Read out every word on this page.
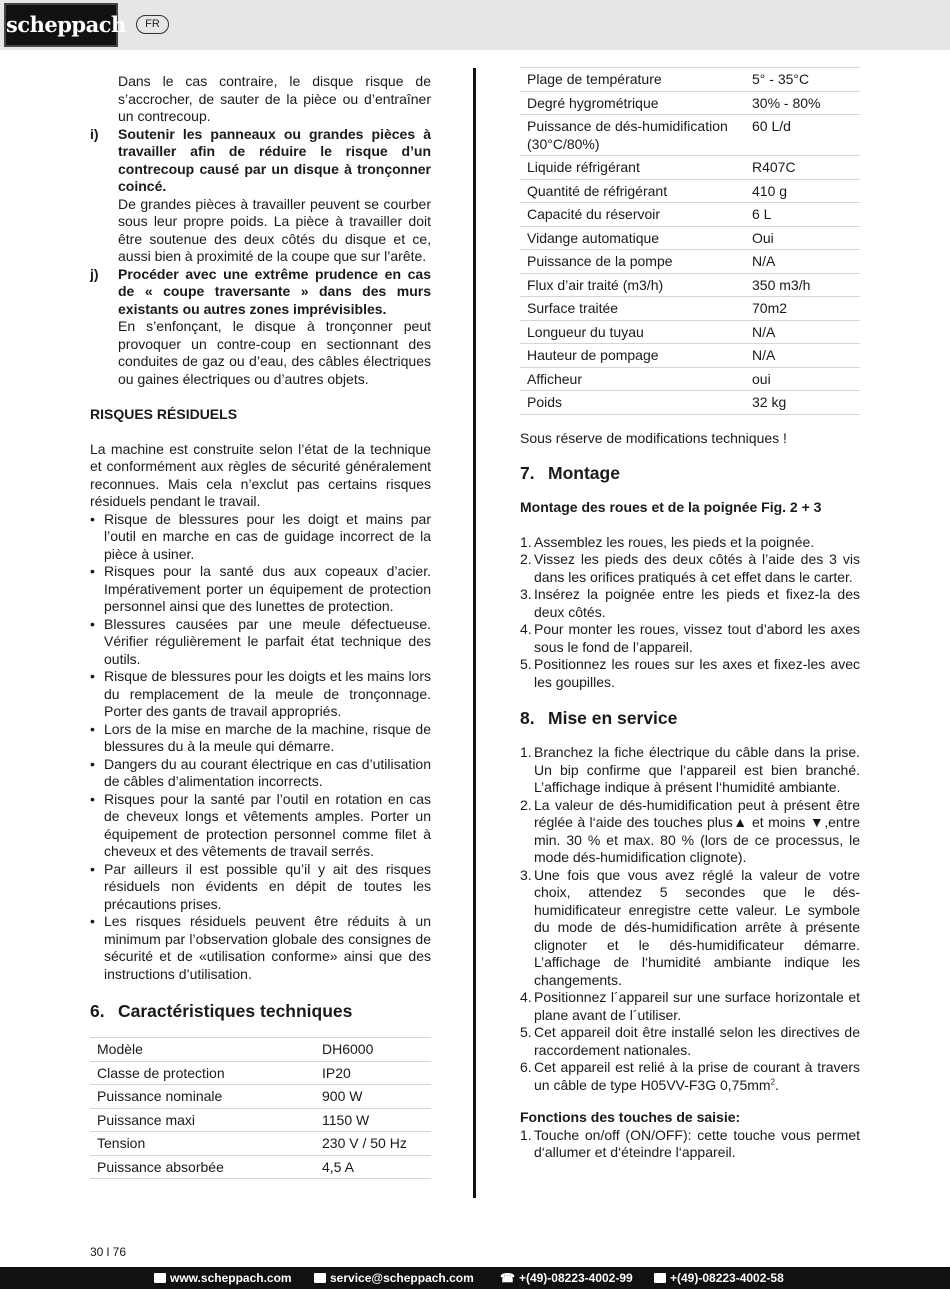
scheppach	FR
Dans le cas contraire, le disque risque de s’accrocher, de sauter de la pièce ou d’entraîner un contrecoup.
i)	Soutenir les panneaux ou grandes pièces à travailler afin de réduire le risque d’un contrecoup causé par un disque à tronçonner coincé.
De grandes pièces à travailler peuvent se courber sous leur propre poids. La pièce à travailler doit être soutenue des deux côtés du disque et ce, aussi bien à proximité de la coupe que sur l’arête.
j)	Procéder avec une extrême prudence en cas de « coupe traversante » dans des murs existants ou autres zones imprévisibles.
En s’enfonçant, le disque à tronçonner peut provoquer un contre-coup en sectionnant des conduites de gaz ou d’eau, des câbles électriques ou gaines électriques ou d’autres objets.
RISQUES RÉSIDUELS
La machine est construite selon l’état de la technique et conformément aux règles de sécurité généralement reconnues. Mais cela n’exclut pas certains risques résiduels pendant le travail.
• Risque de blessures pour les doigt et mains par l’outil en marche en cas de guidage incorrect de la pièce à usiner.
• Risques pour la santé dus aux copeaux d’acier. Impérativement porter un équipement de protection personnel ainsi que des lunettes de protection.
• Blessures causées par une meule défectueuse. Vérifier régulièrement le parfait état technique des outils.
• Risque de blessures pour les doigts et les mains lors du remplacement de la meule de tronçonnage. Porter des gants de travail appropriés.
• Lors de la mise en marche de la machine, risque de blessures du à la meule qui démarre.
• Dangers du au courant électrique en cas d’utilisation de câbles d’alimentation incorrects.
• Risques pour la santé par l’outil en rotation en cas de cheveux longs et vêtements amples. Porter un équipement de protection personnel comme filet à cheveux et des vêtements de travail serrés.
• Par ailleurs il est possible qu’il y ait des risques résiduels non évidents en dépit de toutes les précautions prises.
• Les risques résiduels peuvent être réduits à un minimum par l’observation globale des consignes de sécurité et de «utilisation conforme» ainsi que des instructions d’utilisation.
6. Caractéristiques techniques
Modèle	DH6000
Classe de protection	IP20
Puissance nominale	900 W
Puissance maxi	1150 W
Tension	230 V / 50 Hz
Puissance absorbée	4,5 A
Plage de température	5° - 35°C
Degré hygrométrique	30% - 80%
Puissance de dés-humidification (30°C/80%)	60 L/d
Liquide réfrigérant	R407C
Quantité de réfrigérant	410 g
Capacité du réservoir	6 L
Vidange automatique	Oui
Puissance de la pompe	N/A
Flux d’air traité (m3/h)	350 m3/h
Surface traitée	70m2
Longueur du tuyau	N/A
Hauteur de pompage	N/A
Afficheur	oui
Poids	32 kg
Sous réserve de modifications techniques !
7. Montage
Montage des roues et de la poignée Fig. 2 + 3
1. Assemblez les roues, les pieds et la poignée.
2. Vissez les pieds des deux côtés à l’aide des 3 vis dans les orifices pratiqués à cet effet dans le carter.
3. Insérez la poignée entre les pieds et fixez-la des deux côtés.
4. Pour monter les roues, vissez tout d’abord les axes sous le fond de l’appareil.
5. Positionnez les roues sur les axes et fixez-les avec les goupilles.
8. Mise en service
1. Branchez la fiche électrique du câble dans la prise. Un bip confirme que l‘appareil est bien branché. L’affichage indique à présent l‘humidité ambiante.
2. La valeur de dés-humidification peut à présent être réglée à l‘aide des touches plus▲ et moins ▼,entre min. 30 % et max. 80 % (lors de ce processus, le mode dés-humidification clignote).
3. Une fois que vous avez réglé la valeur de votre choix, attendez 5 secondes que le dés-humidificateur enregistre cette valeur. Le symbole du mode de dés-humidification arrête à présente clignoter et le dés-humidificateur démarre. L’affichage de l‘humidité ambiante indique les changements.
4. Positionnez l´appareil sur une surface horizontale et plane avant de l´utiliser.
5. Cet appareil doit être installé selon les directives de raccordement nationales.
6. Cet appareil est relié à la prise de courant à travers un câble de type H05VV-F3G $0,75mm^2$.
Fonctions des touches de saisie:
1. Touche on/off (ON/OFF): cette touche vous permet d‘allumer et d‘éteindre l‘appareil.
30 l 76
www.scheppach.com	service@scheppach.com ☎ +(49)-08223-4002-99	+(49)-08223-4002-58
